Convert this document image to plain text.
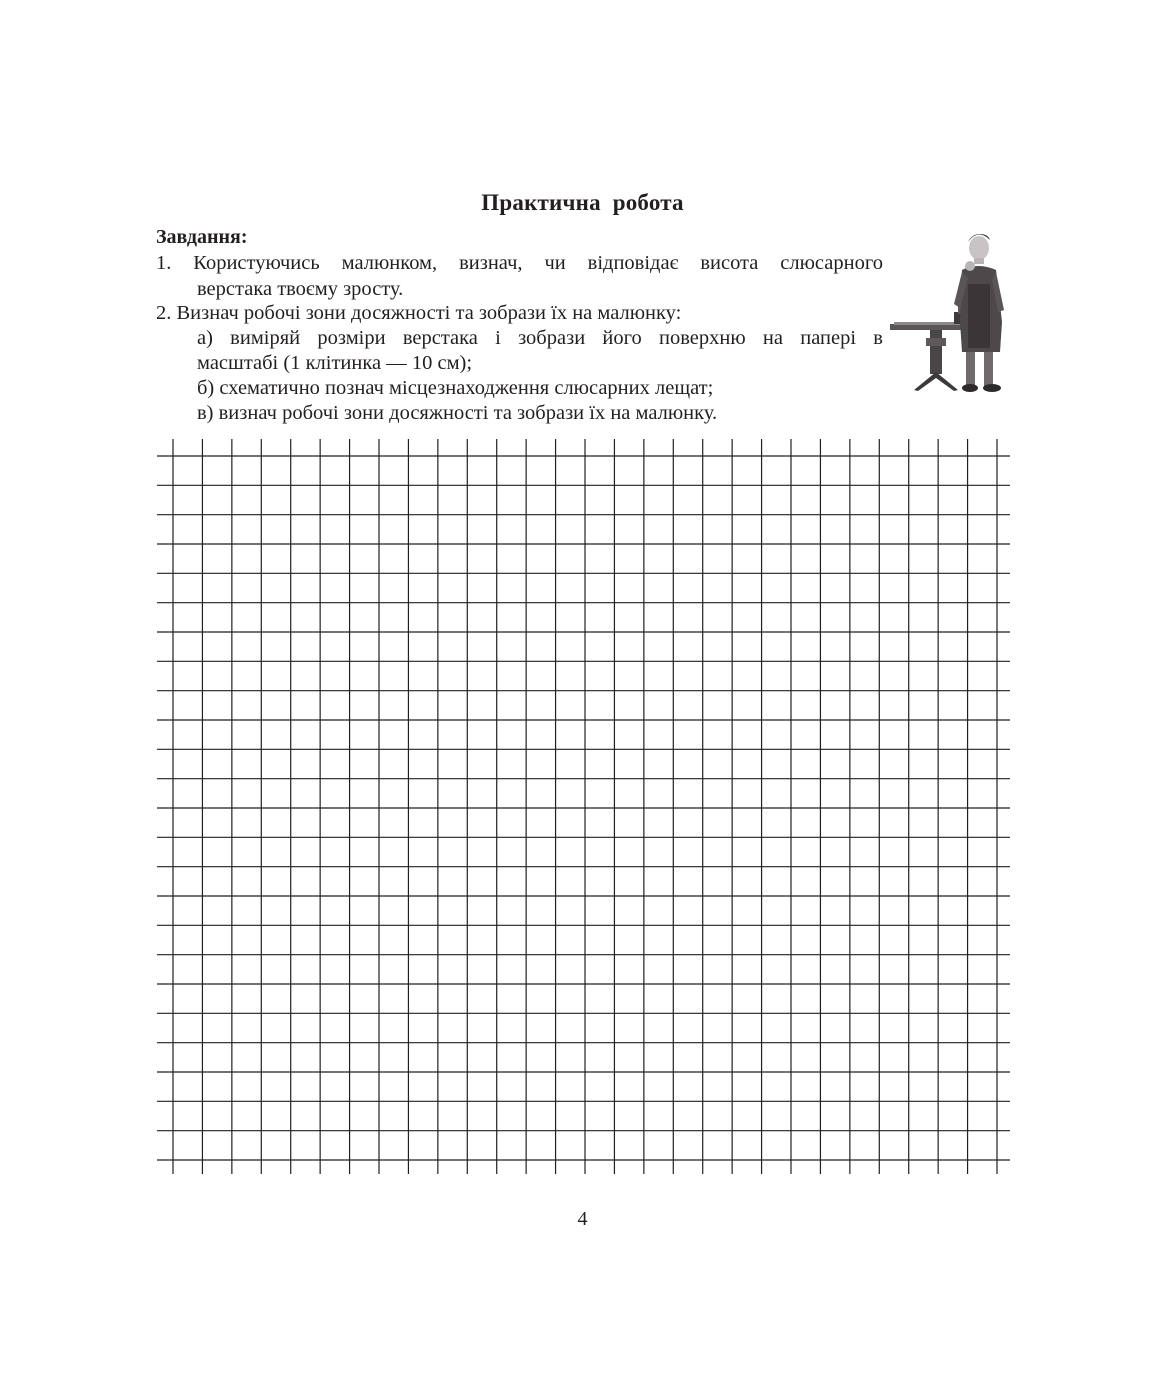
Практична робота
Завдання:
1. Користуючись малюнком, визнач, чи відповідає висота слюсарного
верстака твоєму зросту.
2. Визнач робочі зони досяжності та зобрази їх на малюнку:
а) виміряй розміри верстака і зобрази його поверхню на папері в
масштабі (1 клітинка — 10 см);
б) схематично познач місцезнаходження слюсарних лещат;
в) визнач робочі зони досяжності та зобрази їх на малюнку.
4
